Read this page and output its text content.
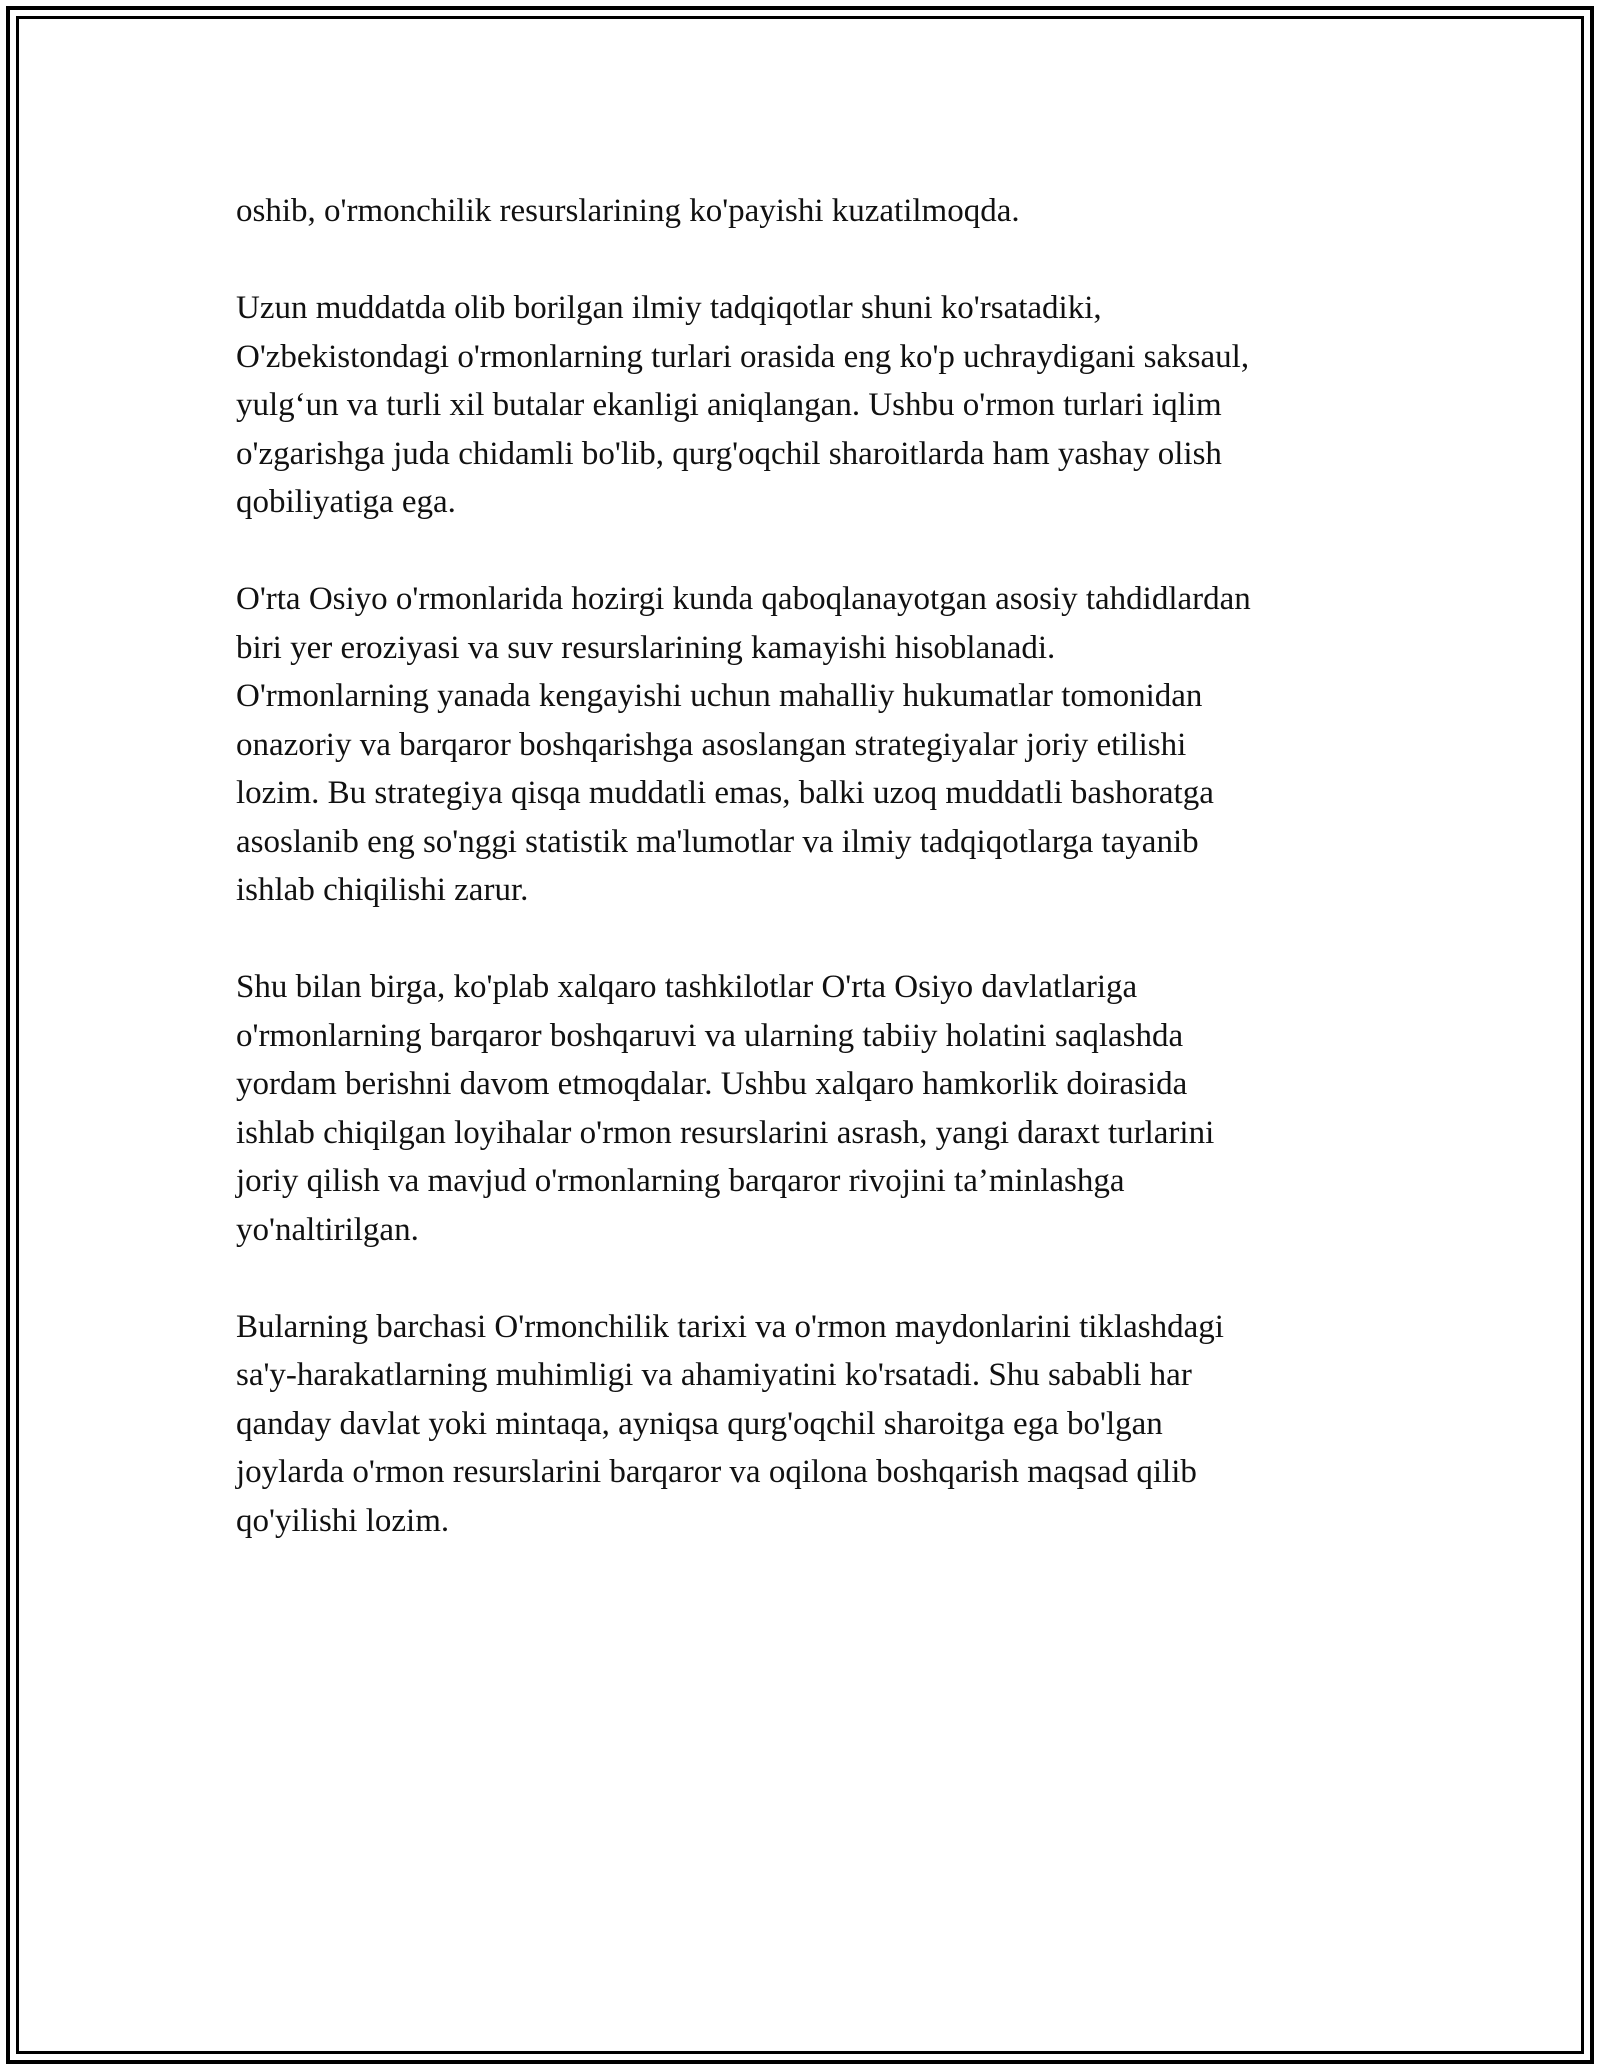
oshib, o'rmonchilik resurslarining ko'payishi kuzatilmoqda.

Uzun muddatda olib borilgan ilmiy tadqiqotlar shuni ko'rsatadiki,
O'zbekistondagi o'rmonlarning turlari orasida eng ko'p uchraydigani saksaul,
yulg‘un va turli xil butalar ekanligi aniqlangan. Ushbu o'rmon turlari iqlim
o'zgarishga juda chidamli bo'lib, qurg'oqchil sharoitlarda ham yashay olish
qobiliyatiga ega.

O'rta Osiyo o'rmonlarida hozirgi kunda qaboqlanayotgan asosiy tahdidlardan
biri yer eroziyasi va suv resurslarining kamayishi hisoblanadi.
O'rmonlarning yanada kengayishi uchun mahalliy hukumatlar tomonidan
onazoriy va barqaror boshqarishga asoslangan strategiyalar joriy etilishi
lozim. Bu strategiya qisqa muddatli emas, balki uzoq muddatli bashoratga
asoslanib eng so'nggi statistik ma'lumotlar va ilmiy tadqiqotlarga tayanib
ishlab chiqilishi zarur.

Shu bilan birga, ko'plab xalqaro tashkilotlar O'rta Osiyo davlatlariga
o'rmonlarning barqaror boshqaruvi va ularning tabiiy holatini saqlashda
yordam berishni davom etmoqdalar. Ushbu xalqaro hamkorlik doirasida
ishlab chiqilgan loyihalar o'rmon resurslarini asrash, yangi daraxt turlarini
joriy qilish va mavjud o'rmonlarning barqaror rivojini ta’minlashga
yo'naltirilgan.

Bularning barchasi O'rmonchilik tarixi va o'rmon maydonlarini tiklashdagi
sa'y-harakatlarning muhimligi va ahamiyatini ko'rsatadi. Shu sababli har
qanday davlat yoki mintaqa, ayniqsa qurg'oqchil sharoitga ega bo'lgan
joylarda o'rmon resurslarini barqaror va oqilona boshqarish maqsad qilib
qo'yilishi lozim.
